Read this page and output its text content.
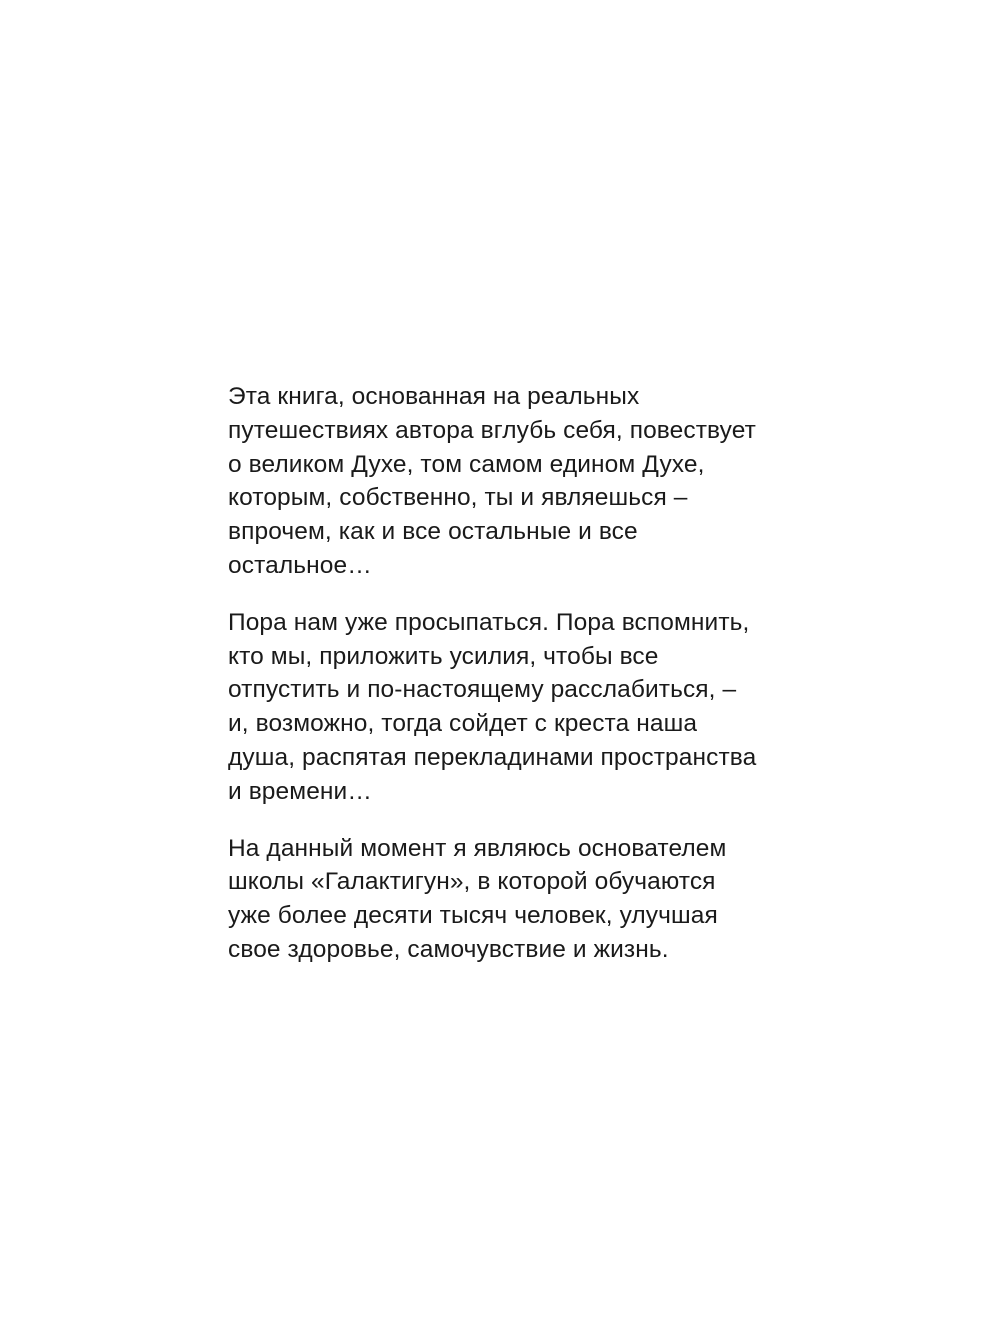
Эта книга, основанная на реальных
путешествиях автора вглубь себя, повествует
о великом Духе, том самом едином Духе,
которым, собственно, ты и являешься –
впрочем, как и все остальные и все
остальное…

Пора нам уже просыпаться. Пора вспомнить,
кто мы, приложить усилия, чтобы все
отпустить и по-настоящему расслабиться, –
и, возможно, тогда сойдет с креста наша
душа, распятая перекладинами пространства
и времени…

На данный момент я являюсь основателем
школы «Галактигун», в которой обучаются
уже более десяти тысяч человек, улучшая
свое здоровье, самочувствие и жизнь.
